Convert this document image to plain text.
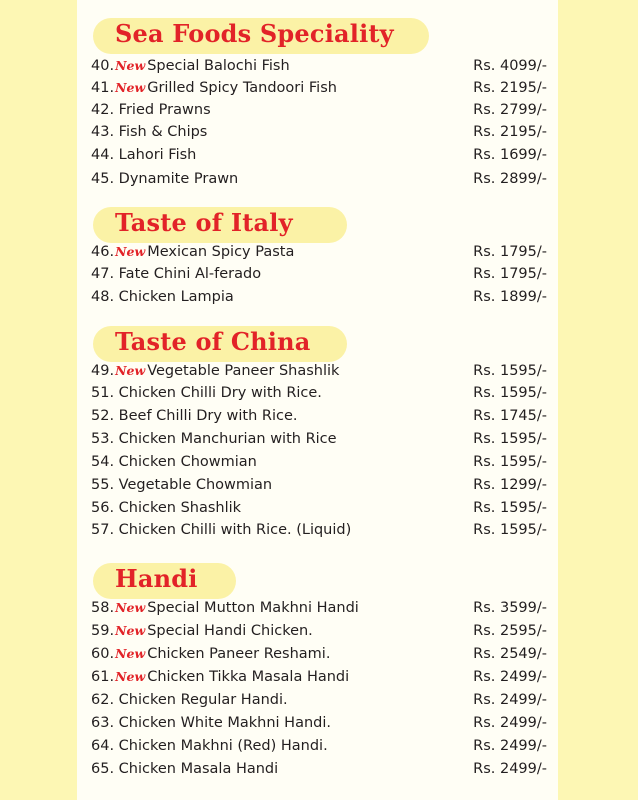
Sea Foods Speciality
40.New Special Balochi Fish	Rs. 4099/-
41.New Grilled Spicy Tandoori Fish	Rs. 2195/-
42. Fried Prawns	Rs. 2799/-
43. Fish & Chips	Rs. 2195/-
44. Lahori Fish	Rs. 1699/-
45. Dynamite Prawn	Rs. 2899/-
Taste of Italy
46.New Mexican Spicy Pasta	Rs. 1795/-
47. Fate Chini Al-ferado	Rs. 1795/-
48. Chicken Lampia	Rs. 1899/-
Taste of China
49.New Vegetable Paneer Shashlik	Rs. 1595/-
51. Chicken Chilli Dry with Rice.	Rs. 1595/-
52. Beef Chilli Dry with Rice.	Rs. 1745/-
53. Chicken Manchurian with Rice	Rs. 1595/-
54. Chicken Chowmian	Rs. 1595/-
55. Vegetable Chowmian	Rs. 1299/-
56. Chicken Shashlik	Rs. 1595/-
57. Chicken Chilli with Rice. (Liquid)	Rs. 1595/-
Handi
58.New Special Mutton Makhni Handi	Rs. 3599/-
59.New Special Handi Chicken.	Rs. 2595/-
60.New Chicken Paneer Reshami.	Rs. 2549/-
61.New Chicken Tikka Masala Handi	Rs. 2499/-
62. Chicken Regular Handi.	Rs. 2499/-
63. Chicken White Makhni Handi.	Rs. 2499/-
64. Chicken Makhni (Red) Handi.	Rs. 2499/-
65. Chicken Masala Handi	Rs. 2499/-
